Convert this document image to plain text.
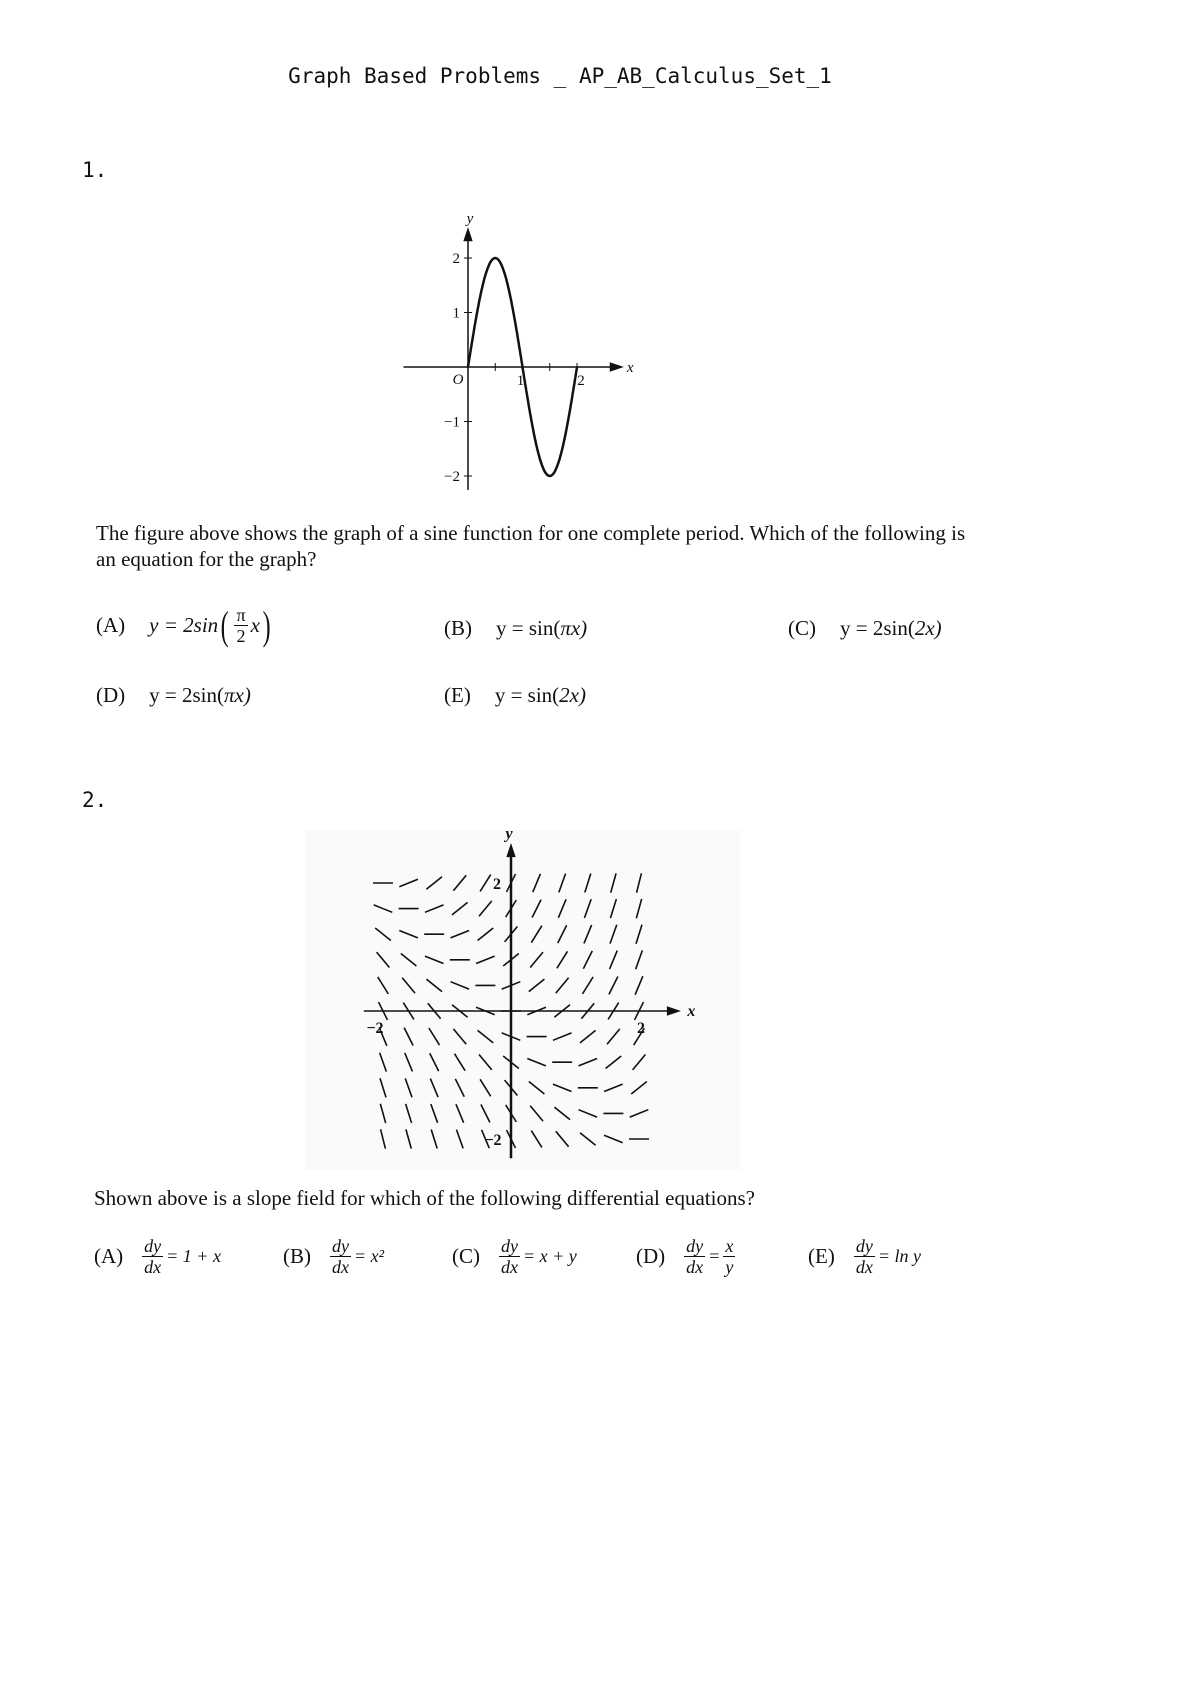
Graph Based Problems _ AP_AB_Calculus_Set_1
1.
x
y
O	1	2
−2
−1
1
2
The figure above shows the graph of a sine function for one complete period. Which of the following is an equation for the graph?
(A) y = 2sin ( $\frac{\pi}{2}$ x )	(B) y = sin( πx)	(C) y = 2sin( 2x)
(D) y = 2sin( πx)	(E) y = sin( 2x)
2.
x
y
−2	2
2
−2
Shown above is a slope field for which of the following differential equations?
$(A) \frac{dy}{dx} = 1 + x$	$(B) \frac{dy}{dx} = x^2$	$(C) \frac{dy}{dx} = x + y$	$(D) \frac{dy}{dx} = \frac{x}{y}$	$(E) \frac{dy}{dx} = \ln y$
